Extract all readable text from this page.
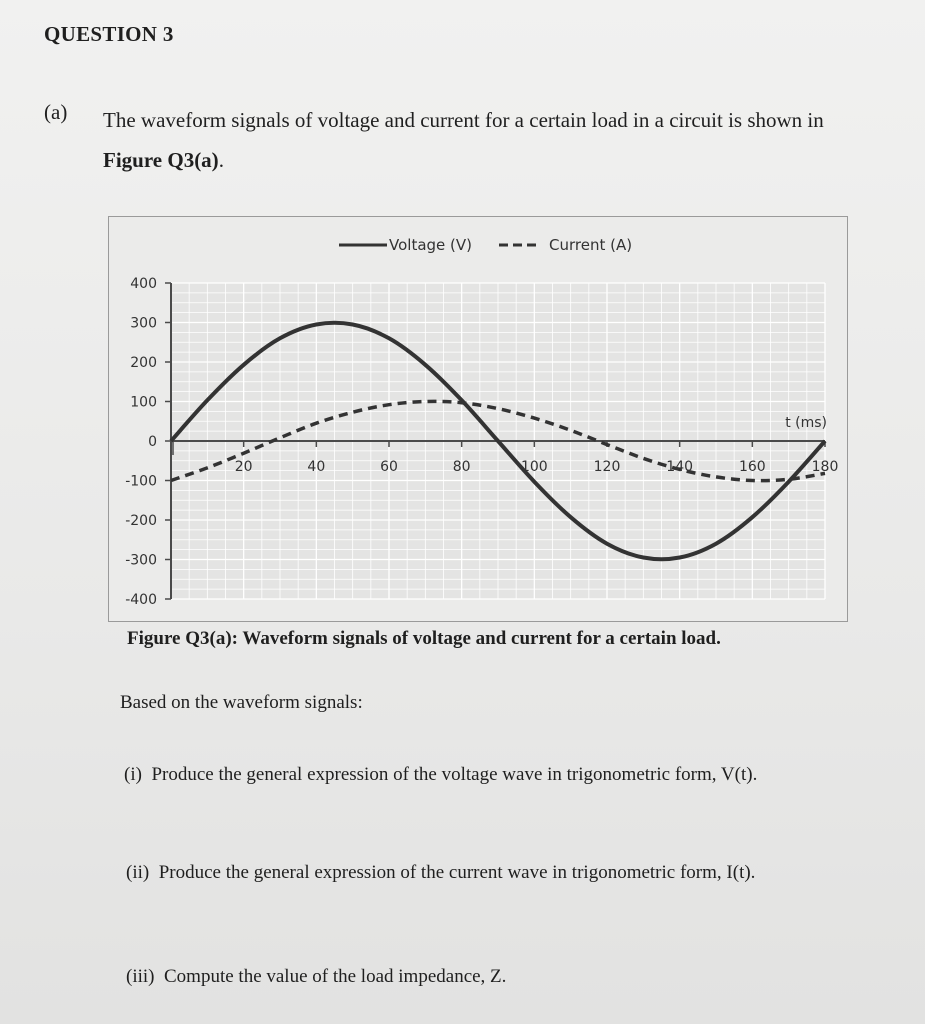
QUESTION 3
(a) The waveform signals of voltage and current for a certain load in a circuit is shown in Figure Q3(a).
400
300
200
100
0
-100
-200
-300
-400
20	40	60	80	100	120	140	160	180
t (ms)
Voltage (V)	Current (A)
Figure Q3(a): Waveform signals of voltage and current for a certain load.
Based on the waveform signals:
(i) Produce the general expression of the voltage wave in trigonometric form, V(t).
(ii) Produce the general expression of the current wave in trigonometric form, I(t).
(iii) Compute the value of the load impedance, Z.
